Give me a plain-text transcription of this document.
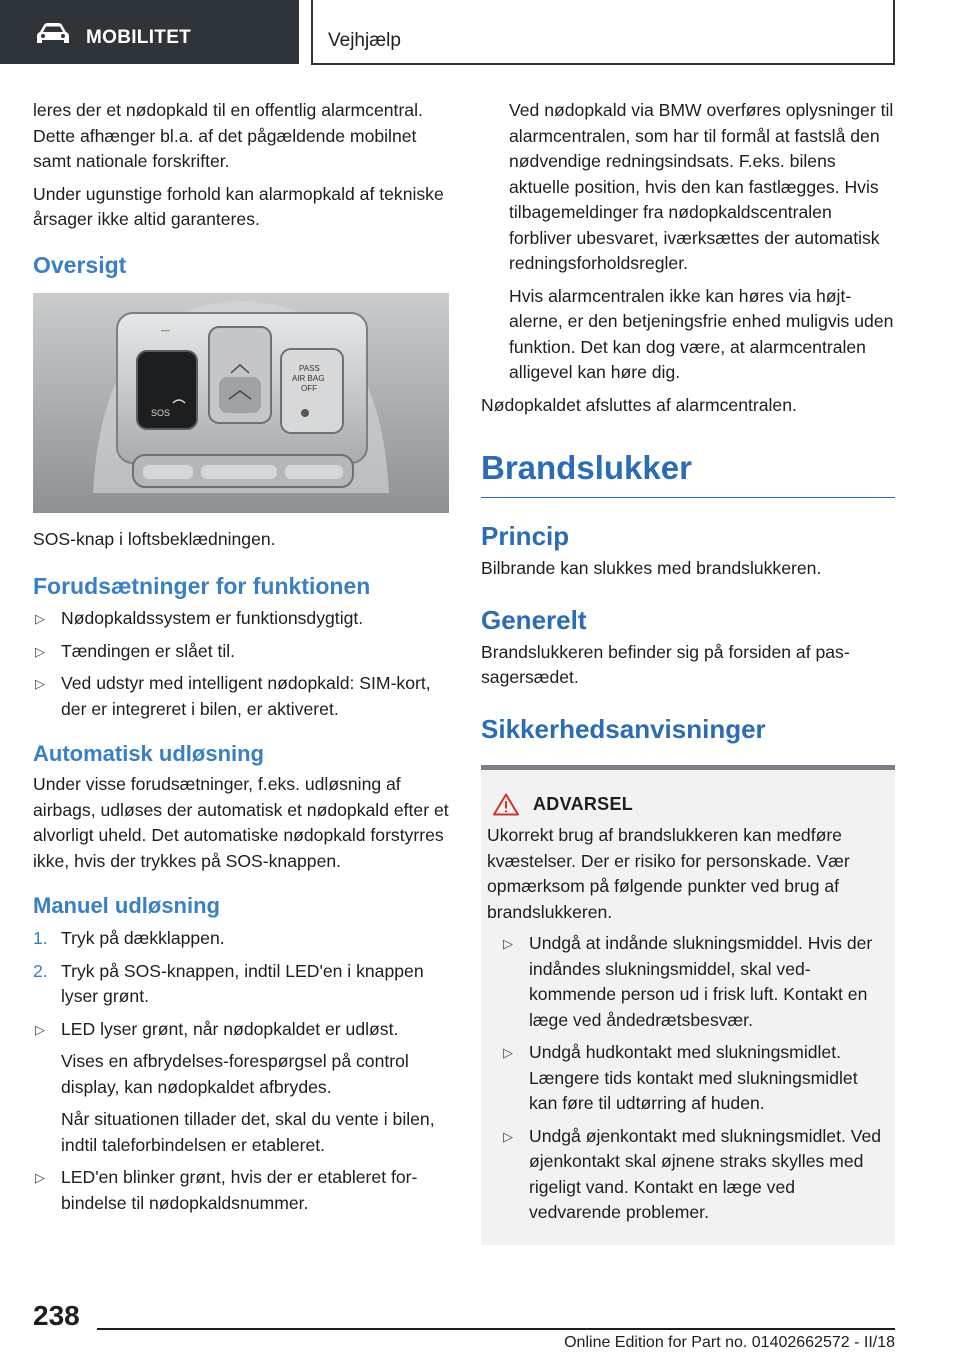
MOBILITET	Vejhjælp

leres der et nødopkald til en offentlig alarmcentral. Dette afhænger bl.a. af det pågældende mobilnet samt nationale forskrifter.

Under ugunstige forhold kan alarmopkald af tekniske årsager ikke altid garanteres.

Oversigt
—
SOS
PASS
AIR BAG
OFF

SOS-knap i loftsbeklædningen.

Forudsætninger for funktionen
▷ Nødopkaldssystem er funktionsdygtigt.
▷ Tændingen er slået til.
▷ Ved udstyr med intelligent nødopkald: SIM-kort, der er integreret i bilen, er aktiveret.
Automatisk udløsning

Under visse forudsætninger, f.eks. udløsning af airbags, udløses der automatisk et nødopkald efter et alvorligt uheld. Det automatiske nødopkald forstyrres ikke, hvis der trykkes på SOS-knappen.

Manuel udløsning
1. Tryk på dækklappen.
2. Tryk på SOS-knappen, indtil LED'en i knappen lyser grønt.
▷ LED lyser grønt, når nødopkaldet er udløst.
Vises en afbrydelses-forespørgsel på control display, kan nødopkaldet afbrydes.
Når situationen tillader det, skal du vente i bilen, indtil taleforbindelsen er etableret.
▷ LED'en blinker grønt, hvis der er etableret forbindelse til nødopkaldsnummer.

Ved nødopkald via BMW overføres oplysninger til alarmcentralen, som har til formål at fastslå den nødvendige redningsindsats. F.eks. bilens aktuelle position, hvis den kan fastlægges. Hvis tilbagemeldinger fra nødopkaldscentralen forbliver ubesvaret, iværksættes der automatisk redningsforholdsregler.

Hvis alarmcentralen ikke kan høres via højtalerne, er den betjeningsfrie enhed muligvis uden funktion. Det kan dog være, at alarmcentralen alligevel kan høre dig.

Nødopkaldet afsluttes af alarmcentralen.

Brandslukker
Princip

Bilbrande kan slukkes med brandslukkeren.

Generelt

Brandslukkeren befinder sig på forsiden af passagersædet.

Sikkerhedsanvisninger
ADVARSEL

Ukorrekt brug af brandslukkeren kan medføre kvæstelser. Der er risiko for personskade. Vær opmærksom på følgende punkter ved brug af brandslukkeren.

▷ Undgå at indånde slukningsmiddel. Hvis der indåndes slukningsmiddel, skal vedkommende person ud i frisk luft. Kontakt en læge ved åndedrætsbesvær.
▷ Undgå hudkontakt med slukningsmidlet. Længere tids kontakt med slukningsmidlet kan føre til udtørring af huden.
▷ Undgå øjenkontakt med slukningsmidlet. Ved øjenkontakt skal øjnene straks skylles med rigeligt vand. Kontakt en læge ved vedvarende problemer.
238
Online Edition for Part no. 01402662572 - II/18
